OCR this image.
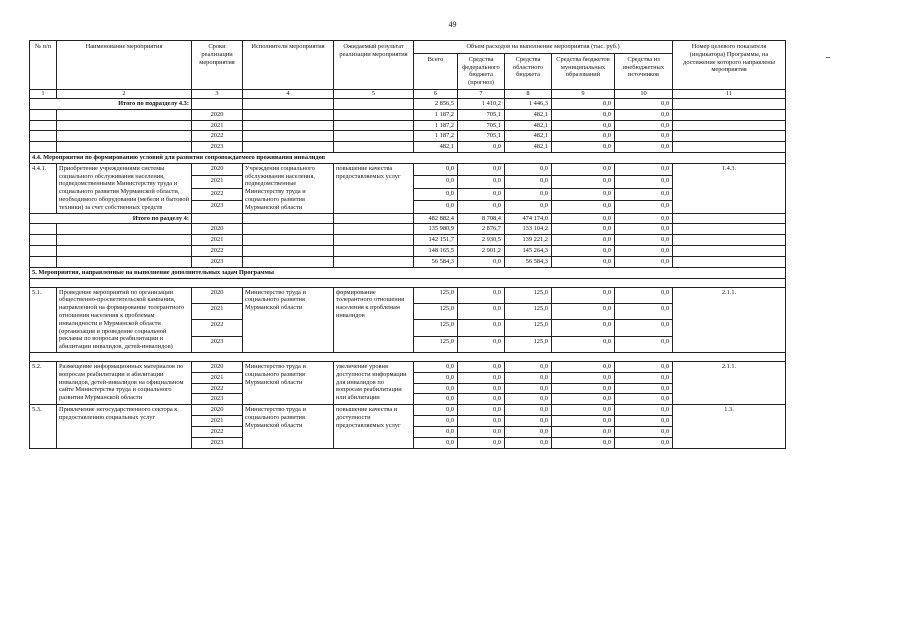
49
№ п/п	Наименование мероприятия	Сроки реализации мероприятия	Исполнители мероприятия	Ожидаемый результат реализации мероприятия	Объем расходов на выполнение мероприятия (тыс. руб.)					Номер целевого показателя (индикатора) Программы, на достижение которого направлены мероприятия
					Всего	Средства федерального бюджета (прогноз)	Средства областного бюджета	Средства бюджетов муниципальных образований	Средства из внебюджетных источников	
1	2	3	4	5	6	7	8	9	10	11
Итого по подразделу 4.3:					2 856,5	1 410,2	1 446,3	0,0	0,0	
		2020			1 187,2	705,1	482,1	0,0	0,0	
		2021			1 187,2	705,1	482,1	0,0	0,0	
		2022			1 187,2	705,1	482,1	0,0	0,0	
		2023			482,1	0,0	482,1	0,0	0,0	
4.4. Мероприятия по формированию условий для развития сопровождаемого проживания инвалидов										
4.4.1.	Приобретение учреждениями системы социального обслуживания населения, подведомственными Министерству труда и социального развития Мурманской области, необходимого оборудования (мебели и бытовой техники) за счет собственных средств	2020	Учреждения социального обслуживания населения, подведомственные Министерству труда и социального развития Мурманской области	повышение качества предоставляемых услуг	0,0	0,0	0,0	0,0	0,0	1.4.3.
		2021			0,0	0,0	0,0	0,0	0,0	
		2022			0,0	0,0	0,0	0,0	0,0	
		2023			0,0	0,0	0,0	0,0	0,0	
Итого по разделу 4:					482 882,4	8 708,4	474 174,0	0,0	0,0	
		2020			135 980,9	2 876,7	133 104,2	0,0	0,0	
		2021			142 151,7	2 930,5	139 221,2	0,0	0,0	
		2022			148 165,5	2 901,2	145 264,3	0,0	0,0	
		2023			56 584,3	0,0	56 584,3	0,0	0,0	
5. Мероприятия, направленные на выполнение дополнительных задач Программы										

5.1.	Проведение мероприятий по организации общественно-просветительской кампании, направленной на формирование толерантного отношения населения к проблемам инвалидности в Мурманской области (организация и проведение социальной рекламы по вопросам реабилитации и абилитации инвалидов, детей-инвалидов)	2020	Министерство труда и социального развития Мурманской области	формирование толерантного отношения населения к проблемам инвалидов	125,0	0,0	125,0	0,0	0,0	2.1.1.
		2021			125,0	0,0	125,0	0,0	0,0	
		2022			125,0	0,0	125,0	0,0	0,0	
		2023			125,0	0,0	125,0	0,0	0,0	

5.2.	Размещение информационных материалов по вопросам реабилитации и абилитации инвалидов, детей-инвалидов на официальном сайте Министерства труда и социального развития Мурманской области	2020	Министерство труда и социального развития Мурманской области	увеличение уровня доступности информации для инвалидов по вопросам реабилитации или абилитации	0,0	0,0	0,0	0,0	0,0	2.1.1.
		2021			0,0	0,0	0,0	0,0	0,0	
		2022			0,0	0,0	0,0	0,0	0,0	
		2023			0,0	0,0	0,0	0,0	0,0	
5.3.	Привлечение негосударственного сектора к предоставлению социальных услуг	2020	Министерство труда и социального развития Мурманской области	повышение качества и доступности предоставляемых услуг	0,0	0,0	0,0	0,0	0,0	1.3.
		2021			0,0	0,0	0,0	0,0	0,0	
		2022			0,0	0,0	0,0	0,0	0,0	
		2023			0,0	0,0	0,0	0,0	0,0	
